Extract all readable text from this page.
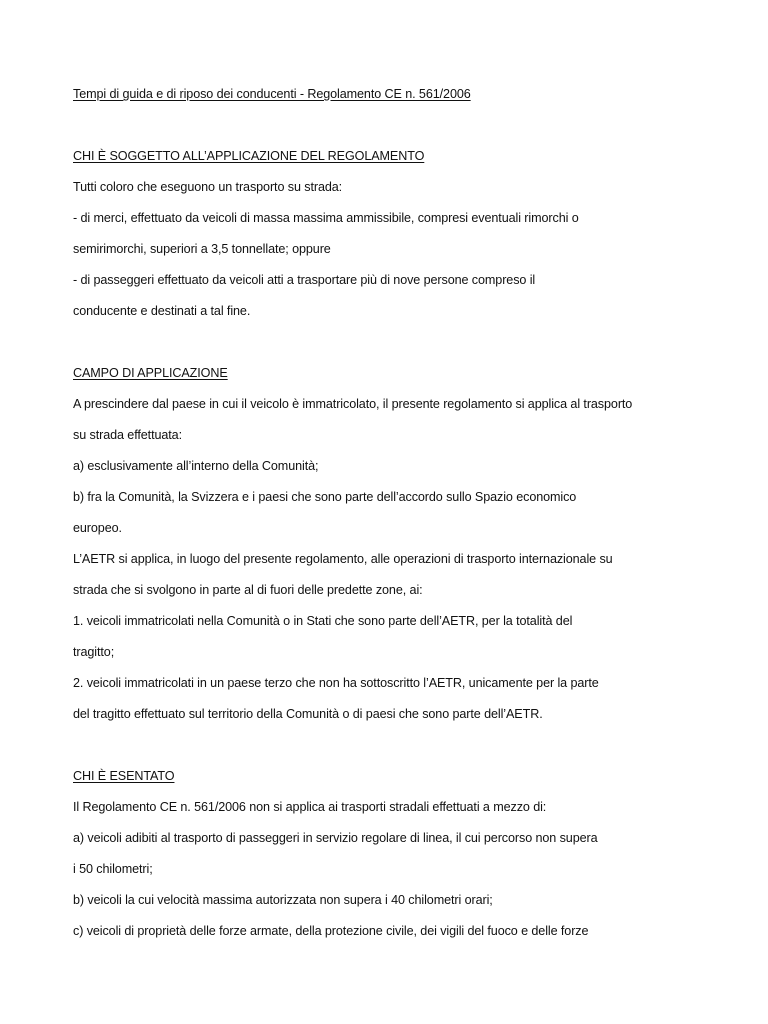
Tempi di guida e di riposo dei conducenti - Regolamento CE n. 561/2006

CHI È SOGGETTO ALL’APPLICAZIONE DEL REGOLAMENTO

Tutti coloro che eseguono un trasporto su strada:

- di merci, effettuato da veicoli di massa massima ammissibile, compresi eventuali rimorchi o

semirimorchi, superiori a 3,5 tonnellate; oppure

- di passeggeri effettuato da veicoli atti a trasportare più di nove persone compreso il

conducente e destinati a tal fine.

CAMPO DI APPLICAZIONE

A prescindere dal paese in cui il veicolo è immatricolato, il presente regolamento si applica al trasporto

su strada effettuata:

a) esclusivamente all’interno della Comunità;

b) fra la Comunità, la Svizzera e i paesi che sono parte dell’accordo sullo Spazio economico

europeo.

L’AETR si applica, in luogo del presente regolamento, alle operazioni di trasporto internazionale su

strada che si svolgono in parte al di fuori delle predette zone, ai:

1. veicoli immatricolati nella Comunità o in Stati che sono parte dell’AETR, per la totalità del

tragitto;

2. veicoli immatricolati in un paese terzo che non ha sottoscritto l’AETR, unicamente per la parte

del tragitto effettuato sul territorio della Comunità o di paesi che sono parte dell’AETR.

CHI È ESENTATO

Il Regolamento CE n. 561/2006 non si applica ai trasporti stradali effettuati a mezzo di:

a) veicoli adibiti al trasporto di passeggeri in servizio regolare di linea, il cui percorso non supera

i 50 chilometri;

b) veicoli la cui velocità massima autorizzata non supera i 40 chilometri orari;

c) veicoli di proprietà delle forze armate, della protezione civile, dei vigili del fuoco e delle forze
